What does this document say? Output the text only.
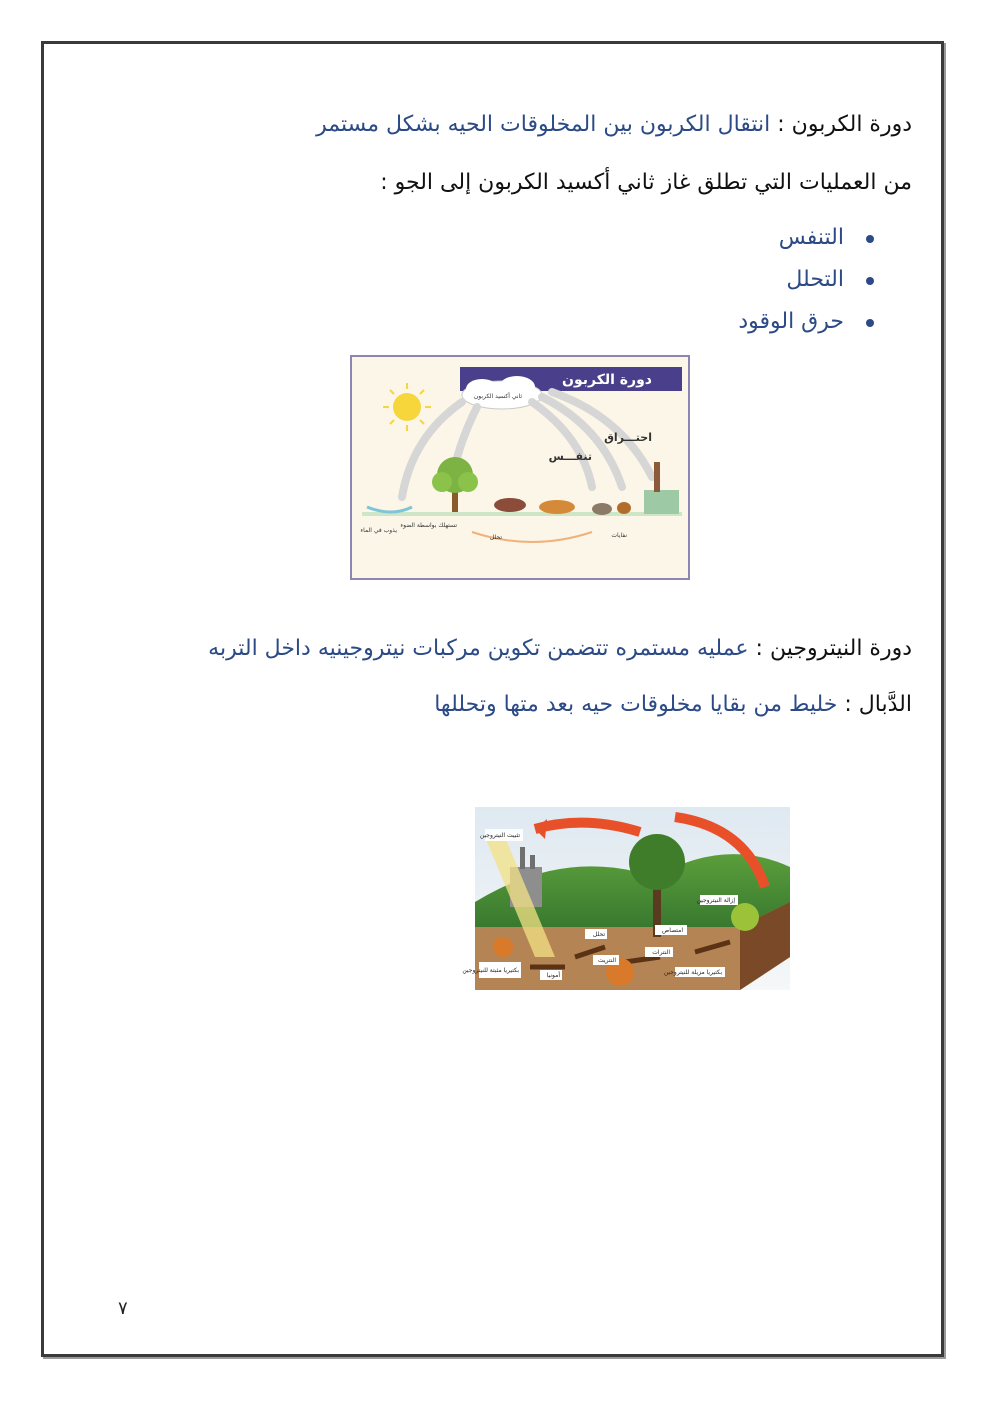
دورة الكربون : انتقال الكربون بين المخلوقات الحيه بشكل مستمر
من العمليات التي تطلق غاز ثاني أكسيد الكربون إلى الجو :
التنفس
التحلل
حرق الوقود
دورة الكربون
ثاني أكسيد الكربون
احتـــراق
تنفـــس
يذوب في الماء
تستهلك بواسطة الضوء
تحلل	نفايات
دورة النيتروجين : عمليه مستمره تتضمن تكوين مركبات نيتروجينيه داخل التربه
الدَّبال : خليط من بقايا مخلوقات حيه بعد متها وتحللها
تثبيت النيتروجين
إزالة النيتروجين
امتصاص
تحلل
النترات
النتريت
أمونيا
بكتيريا مثبتة للنيتروجين	بكتيريا مزيلة للنيتروجين
٧
